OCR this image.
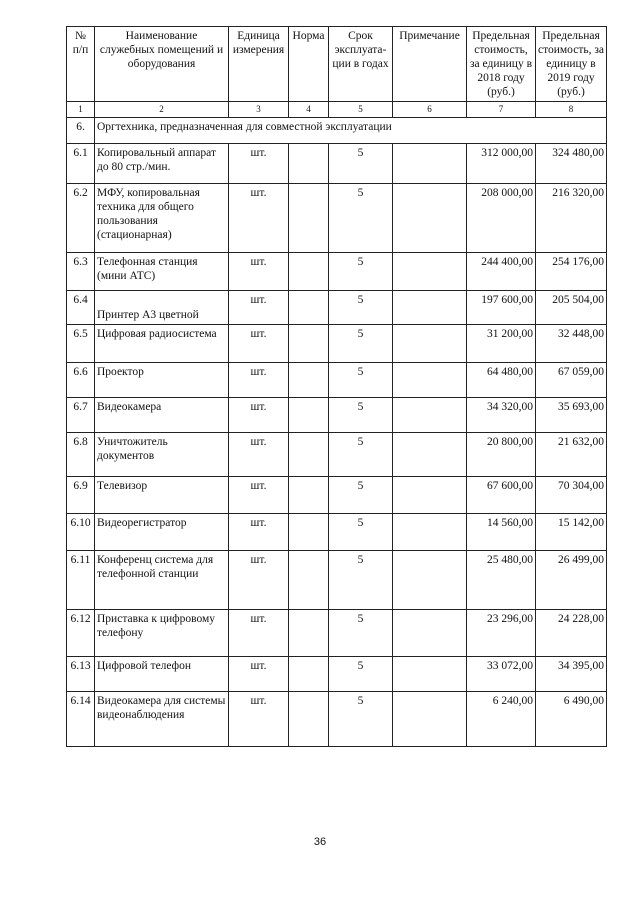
№ п/п	Наименование служебных помещений и оборудования	Единица измерения	Норма	Срок эксплуата-ции в годах	Примечание	Предельная стоимость, за единицу в 2018 году (руб.)	Предельная стоимость, за единицу в 2019 году (руб.)
1	2	3	4	5	6	7	8
6.	Оргтехника, предназначенная для совместной эксплуатации						
6.1	Копировальный аппарат до 80 стр./мин.	шт.		5		312 000,00	324 480,00
6.2	МФУ, копировальная техника для общего пользования (стационарная)	шт.		5		208 000,00	216 320,00
6.3	Телефонная станция (мини АТС)	шт.		5		244 400,00	254 176,00
6.4	Принтер А3 цветной	шт.		5		197 600,00	205 504,00
6.5	Цифровая радиосистема	шт.		5		31 200,00	32 448,00
6.6	Проектор	шт.		5		64 480,00	67 059,00
6.7	Видеокамера	шт.		5		34 320,00	35 693,00
6.8	Уничтожитель документов	шт.		5		20 800,00	21 632,00
6.9	Телевизор	шт.		5		67 600,00	70 304,00
6.10	Видеорегистратор	шт.		5		14 560,00	15 142,00
6.11	Конференц система для телефонной станции	шт.		5		25 480,00	26 499,00
6.12	Приставка к цифровому телефону	шт.		5		23 296,00	24 228,00
6.13	Цифровой телефон	шт.		5		33 072,00	34 395,00
6.14	Видеокамера для системы видеонаблюдения	шт.		5		6 240,00	6 490,00
36
